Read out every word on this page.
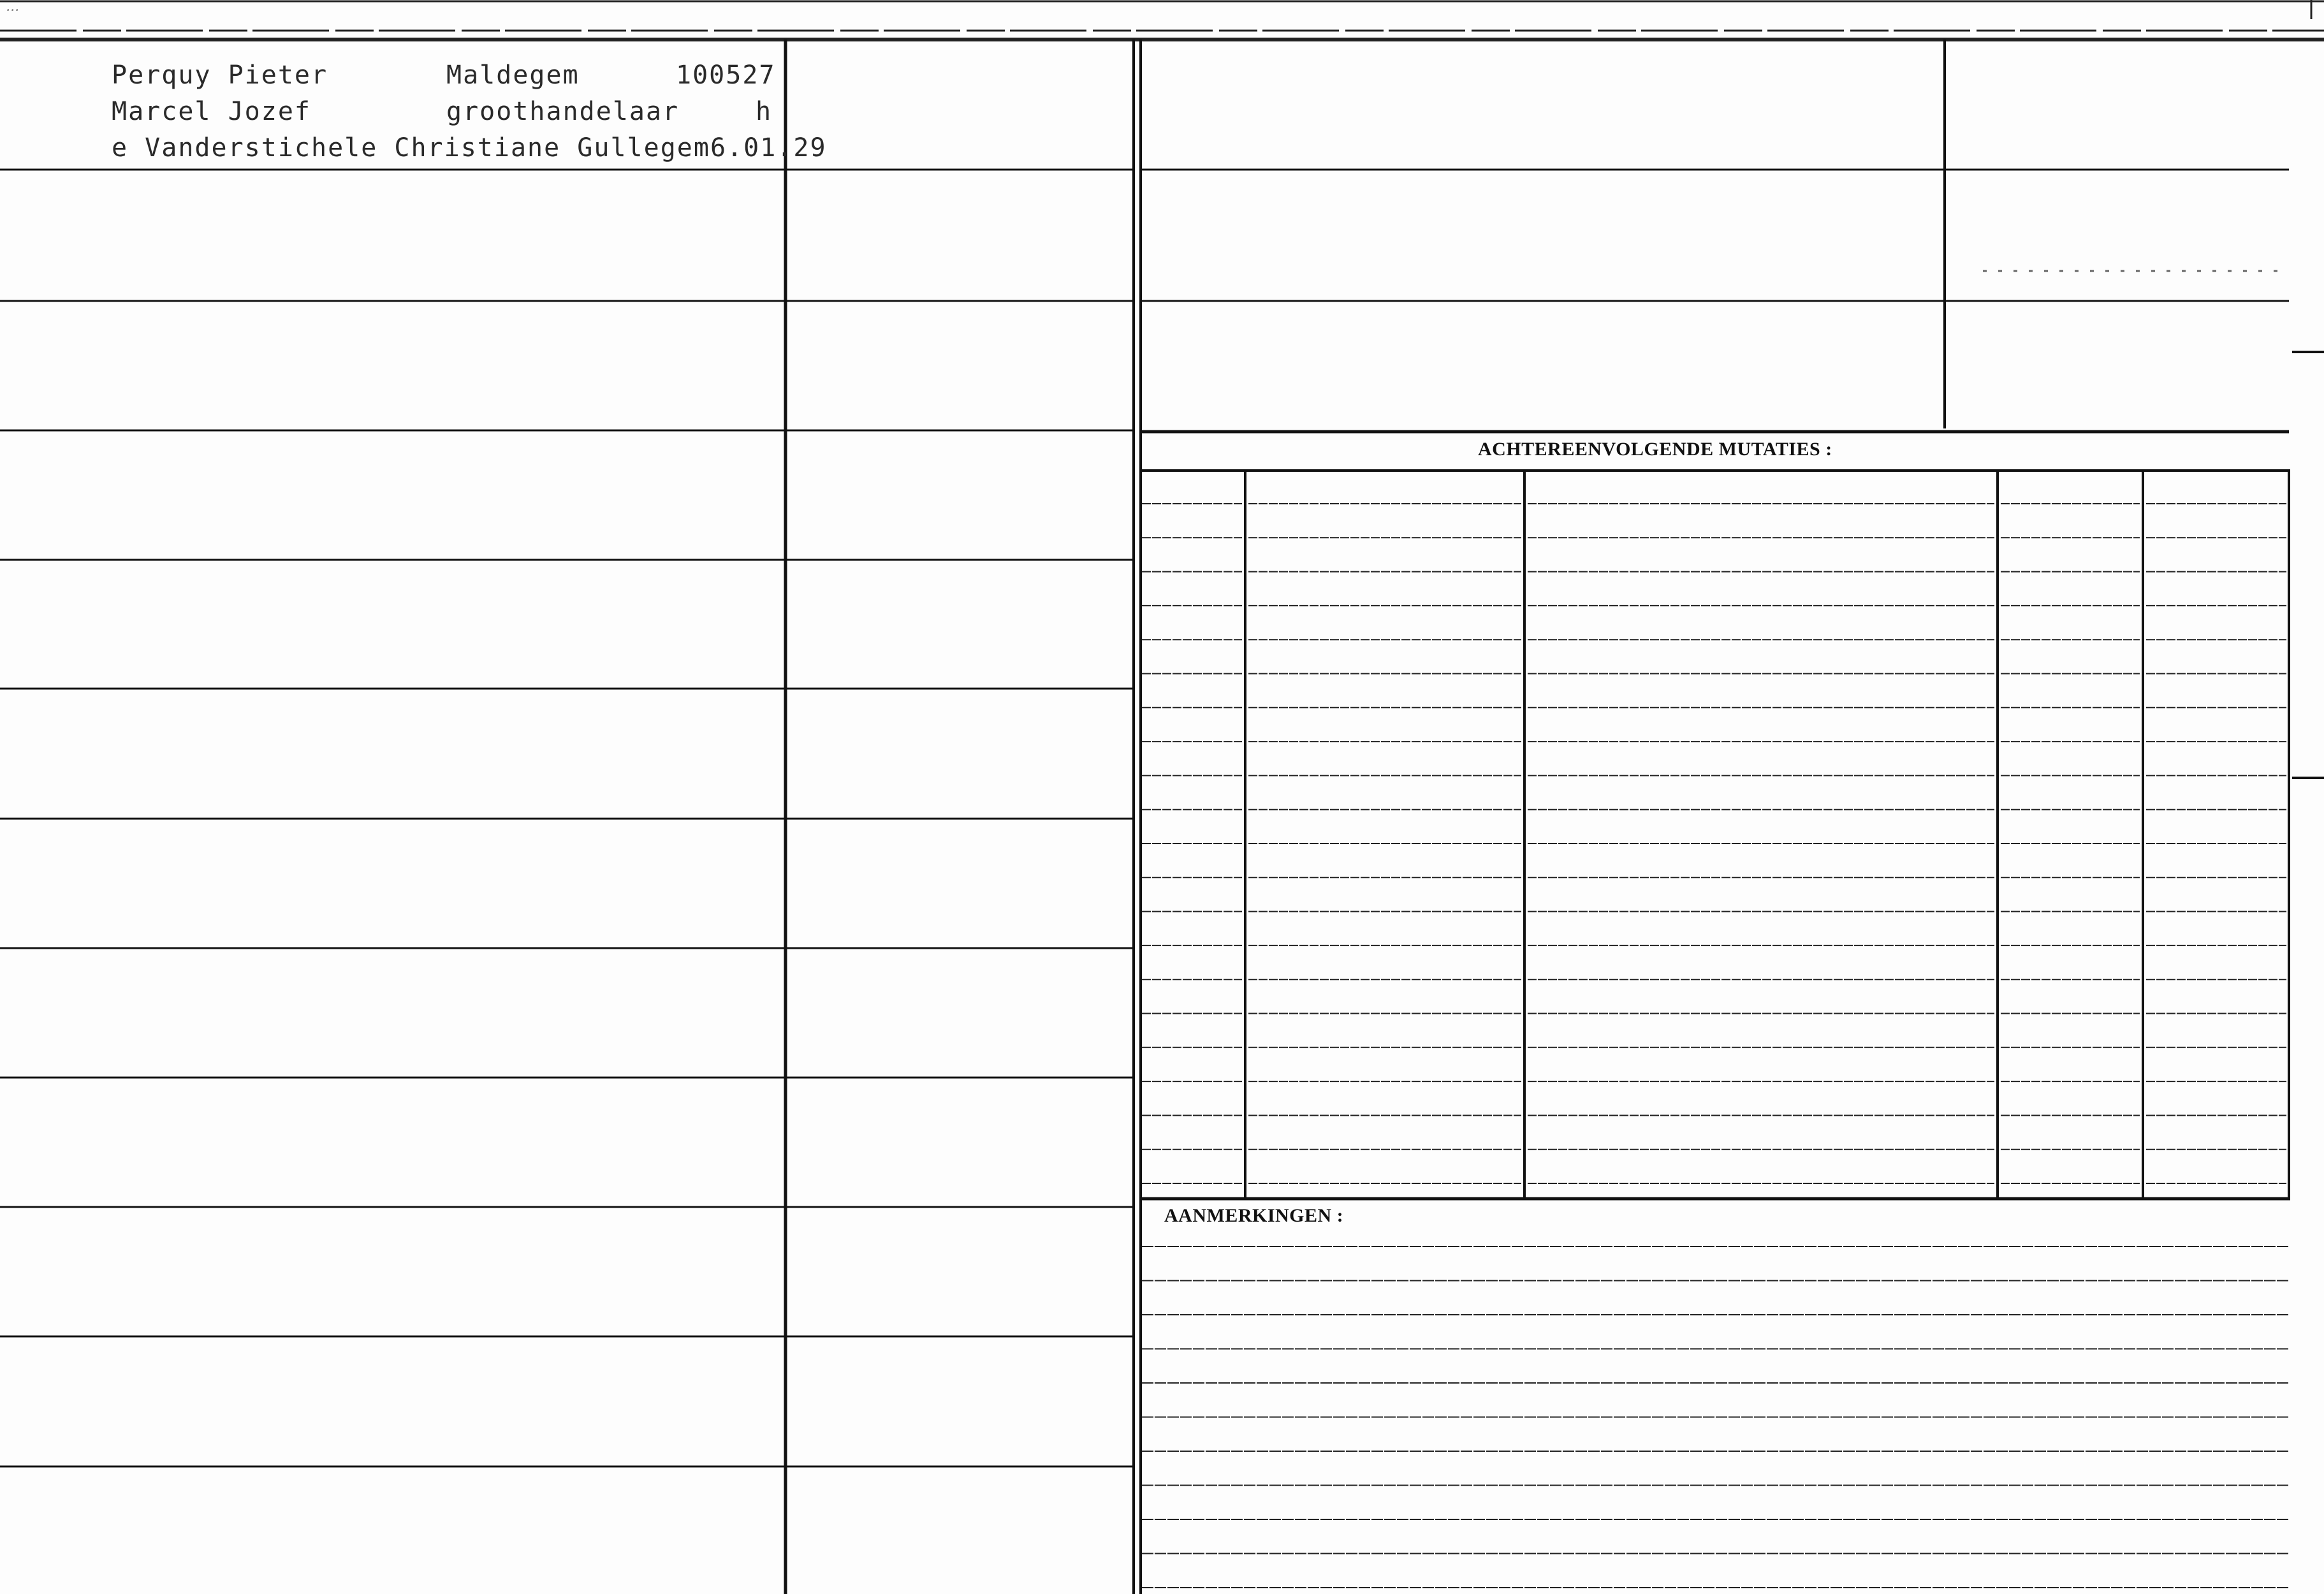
...
Perquy Pieter	Maldegem	100527
Marcel Jozef	groothandelaar	h
e Vanderstichele Christiane Gullegem6.01.29
ACHTEREENVOLGENDE MUTATIES :
AANMERKINGEN :
